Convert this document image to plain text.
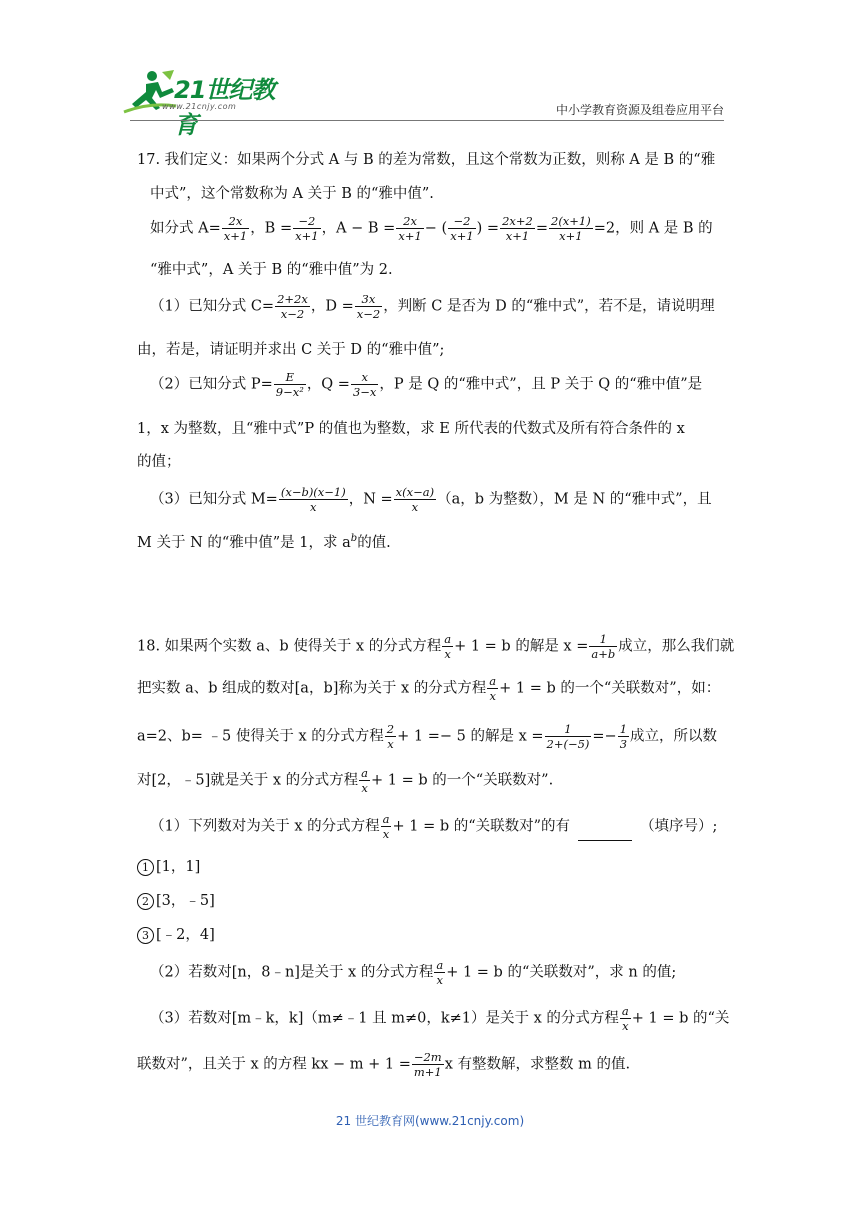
21世纪教育
www.21cnjy.com	中小学教育资源及组卷应用平台
17. 我们定义：如果两个分式 A 与 B 的差为常数，且这个常数为正数，则称 A 是 B 的“雅
中式”，这个常数称为 A 关于 B 的“雅中值”.
如分式 $A= \frac{2x}{x+1}$ ，$B = \frac{-2}{x+1}$ ，$A - B = \frac{2x}{x+1}$ − ( $\frac{-2}{x+1}$ ) = $\frac{2x+2}{x+1} = \frac{2(x+1)}{x+1} =2$，则 A 是 B 的
“雅中式”，A 关于 B 的“雅中值”为 2.
（1）已知分式 $C= \frac{2+2x}{x-2}$ ，$D = \frac{3x}{x-2}$ ，判断 C 是否为 D 的“雅中式”，若不是，请说明理
由，若是，请证明并求出 C 关于 D 的“雅中值”;
（2）已知分式 $P= \frac{E}{\text{9−x²}}$ ，$Q = \frac{x}{3-x}$ ，P 是 Q 的“雅中式”，且 P 关于 Q 的“雅中值”是
1，x 为整数，且“雅中式”P 的值也为整数，求 E 所代表的代数式及所有符合条件的 x
的值；
（3）已知分式 $M= \frac{(x-b)(x-1)}{x}$ ，$N = \frac{x(x-a)}{x} (a$，b 为整数），M 是 N 的“雅中式”，且
M 关于 N 的“雅中值”是 1，求 $a^b$的值.
18. 如果两个实数 a、b 使得关于 x 的分式方程 $\frac{a}{x} + 1 = b$ 的解是 $x = \frac{1}{a+b}$ 成立，那么我们就
把实数 a、b 组成的数对[a，b]称为关于 x 的分式方程 $\frac{a}{x} + 1 = b$ 的一个“关联数对”，如：
a=2、b= ﹣5 使得关于 x 的分式方程 $\frac{2}{x} + 1 =- 5$ 的解是 $x = \frac{1}{2+(-5)} =- \frac{1}{3}$ 成立，所以数
对[2，﹣5]就是关于 x 的分式方程 $\frac{a}{x} + 1 = b$ 的一个“关联数对”.
（1）下列数对为关于 x 的分式方程 $\frac{a}{x} + 1 = b$ 的“关联数对”的有	（填序号）;
1 [1，1]
2 [3，﹣5]
3 [﹣2，4]
（2）若数对[n，8﹣n]是关于 x 的分式方程 $\frac{a}{x} + 1 = b$ 的“关联数对”，求 n 的值;
（3）若数对[m﹣k，k]（m≠﹣1 且 m≠0，k≠1）是关于 x 的分式方程 $\frac{a}{x} + 1 = b$ 的“关
联数对”，且关于 x 的方程 kx − $m + 1 = \frac{-2m}{m+1}$ x 有整数解，求整数 m 的值.
21 世纪教育网(www.21cnjy.com)
